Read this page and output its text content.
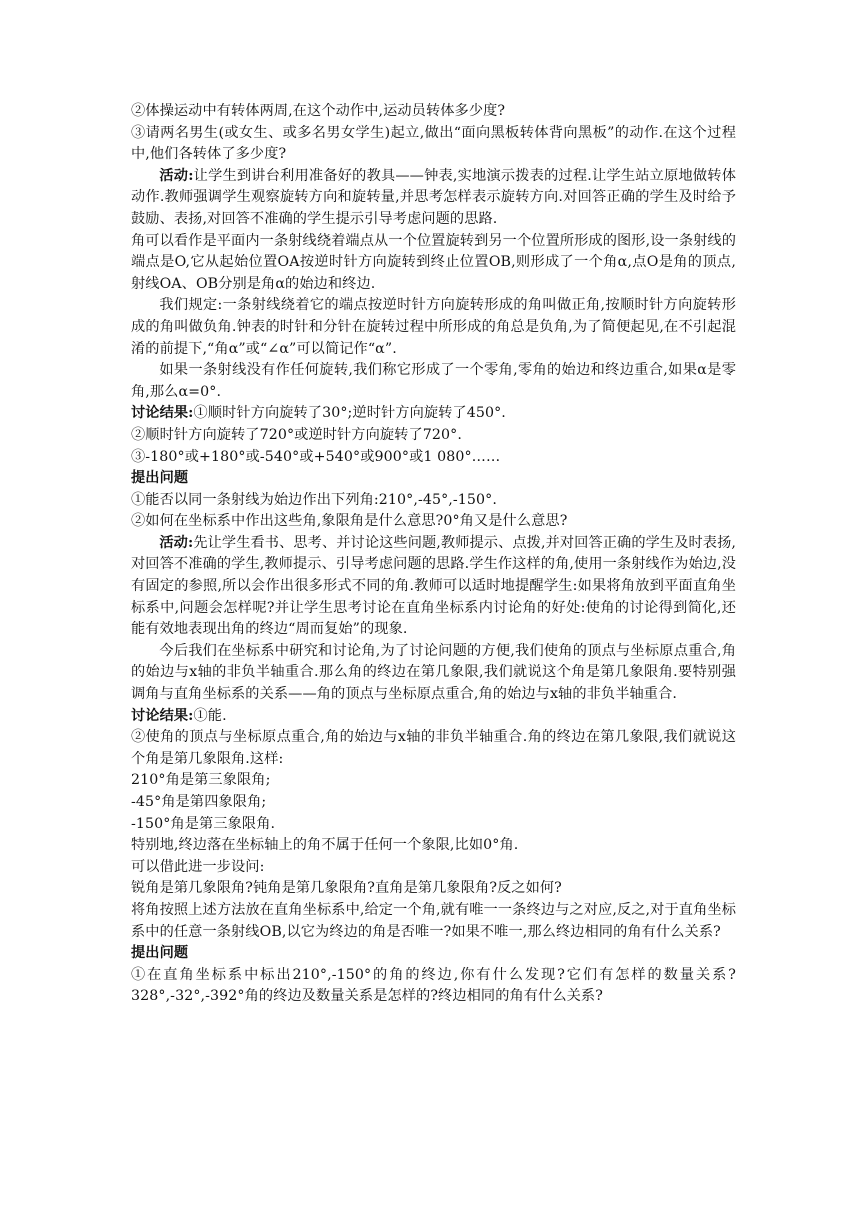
②体操运动中有转体两周,在这个动作中,运动员转体多少度?

③请两名男生(或女生、或多名男女学生)起立,做出“面向黑板转体背向黑板”的动作.在这个过程中,他们各转体了多少度?

活动:让学生到讲台利用准备好的教具——钟表,实地演示拨表的过程.让学生站立原地做转体动作.教师强调学生观察旋转方向和旋转量,并思考怎样表示旋转方向.对回答正确的学生及时给予鼓励、表扬,对回答不准确的学生提示引导考虑问题的思路.

角可以看作是平面内一条射线绕着端点从一个位置旋转到另一个位置所形成的图形,设一条射线的端点是O,它从起始位置OA按逆时针方向旋转到终止位置OB,则形成了一个角α,点O是角的顶点,射线OA、OB分别是角α的始边和终边.

我们规定:一条射线绕着它的端点按逆时针方向旋转形成的角叫做正角,按顺时针方向旋转形成的角叫做负角.钟表的时针和分针在旋转过程中所形成的角总是负角,为了简便起见,在不引起混淆的前提下,“角α”或“∠α”可以简记作“α”.

如果一条射线没有作任何旋转,我们称它形成了一个零角,零角的始边和终边重合,如果α是零角,那么α=0°.

讨论结果:①顺时针方向旋转了30°;逆时针方向旋转了450°.

②顺时针方向旋转了720°或逆时针方向旋转了720°.

③-180°或+180°或-540°或+540°或900°或1 080°……

提出问题

①能否以同一条射线为始边作出下列角:210°,-45°,-150°.

②如何在坐标系中作出这些角,象限角是什么意思?0°角又是什么意思?

活动:先让学生看书、思考、并讨论这些问题,教师提示、点拨,并对回答正确的学生及时表扬,对回答不准确的学生,教师提示、引导考虑问题的思路.学生作这样的角,使用一条射线作为始边,没有固定的参照,所以会作出很多形式不同的角.教师可以适时地提醒学生:如果将角放到平面直角坐标系中,问题会怎样呢?并让学生思考讨论在直角坐标系内讨论角的好处:使角的讨论得到简化,还能有效地表现出角的终边“周而复始”的现象.

今后我们在坐标系中研究和讨论角,为了讨论问题的方便,我们使角的顶点与坐标原点重合,角的始边与x轴的非负半轴重合.那么角的终边在第几象限,我们就说这个角是第几象限角.要特别强调角与直角坐标系的关系——角的顶点与坐标原点重合,角的始边与x轴的非负半轴重合.

讨论结果:①能.

②使角的顶点与坐标原点重合,角的始边与x轴的非负半轴重合.角的终边在第几象限,我们就说这个角是第几象限角.这样:

210°角是第三象限角;

-45°角是第四象限角;

-150°角是第三象限角.

特别地,终边落在坐标轴上的角不属于任何一个象限,比如0°角.

可以借此进一步设问:

锐角是第几象限角?钝角是第几象限角?直角是第几象限角?反之如何?

将角按照上述方法放在直角坐标系中,给定一个角,就有唯一一条终边与之对应,反之,对于直角坐标系中的任意一条射线OB,以它为终边的角是否唯一?如果不唯一,那么终边相同的角有什么关系?

提出问题

①在直角坐标系中标出210°,-150°的角的终边,你有什么发现?它们有怎样的数量关系?328°,-32°,-392°角的终边及数量关系是怎样的?终边相同的角有什么关系?
